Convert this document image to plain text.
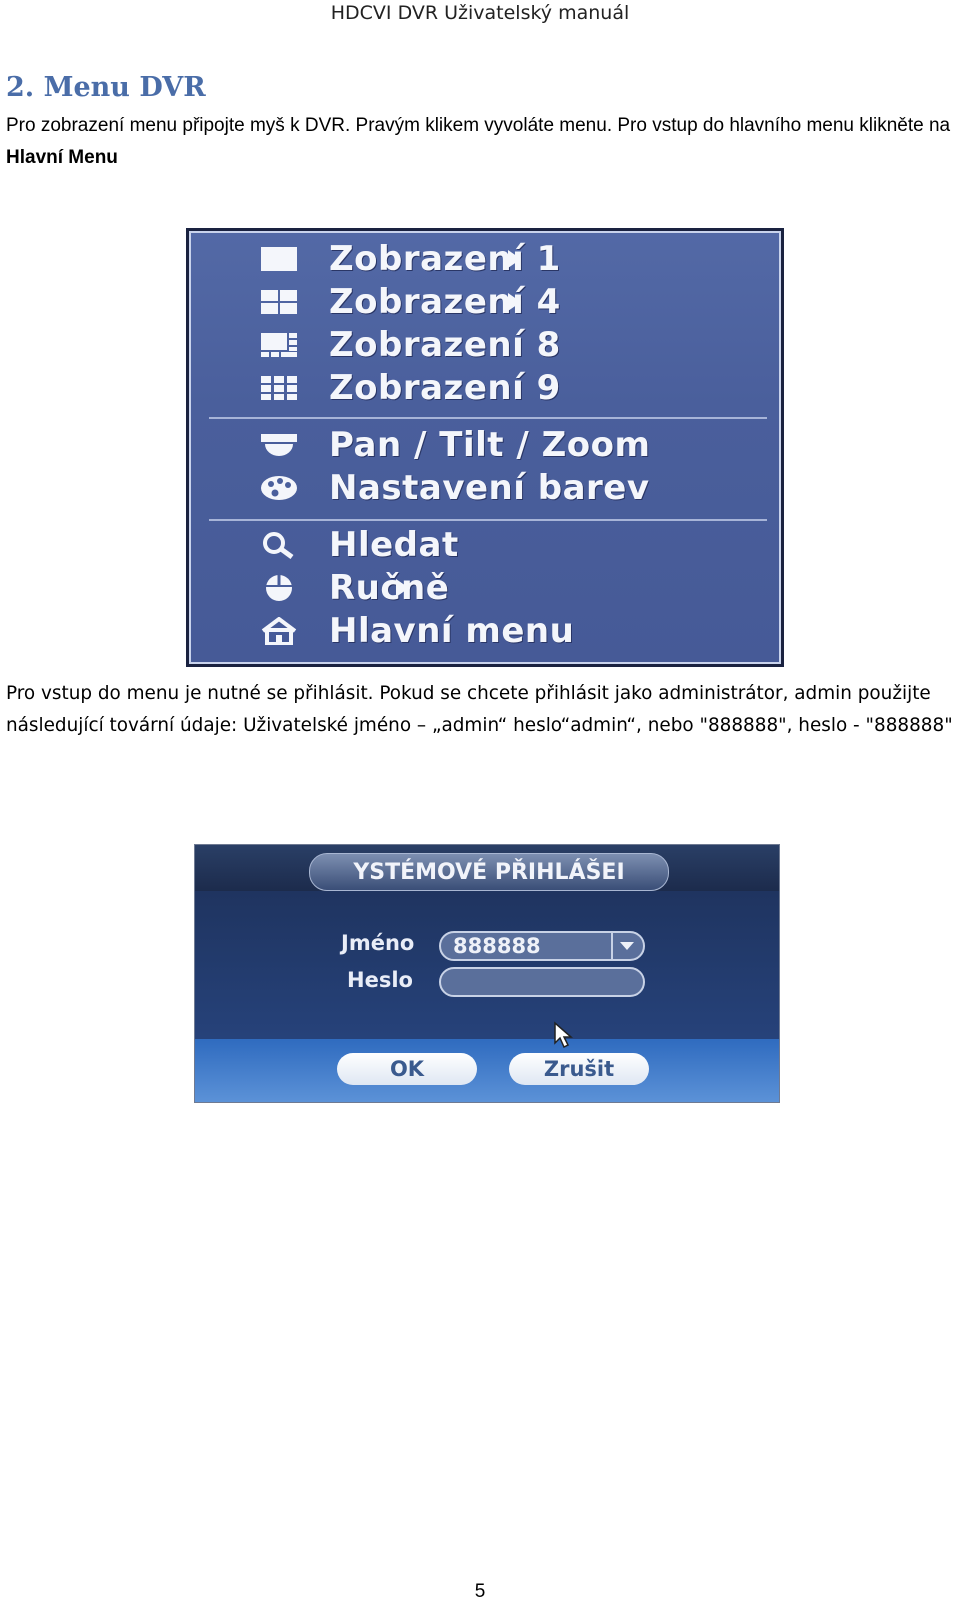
HDCVI DVR Uživatelský manuál
2. Menu DVR
Pro zobrazení menu připojte myš k DVR. Pravým klikem vyvoláte menu. Pro vstup do hlavního menu klikněte na Hlavní Menu
Zobrazení 1
Zobrazení 4
Zobrazení 8
Zobrazení 9
Pan / Tilt / Zoom
Nastavení barev
Hledat
Ručně
Hlavní menu
Pro vstup do menu je nutné se přihlásit. Pokud se chcete přihlásit jako administrátor, admin použijte následující tovární údaje: Uživatelské jméno – „admin“ heslo“admin“, nebo "888888", heslo - "888888"
YSTÉMOVÉ PŘIHLÁŠEI
Jméno 888888
Heslo
OK	Zrušit
5
